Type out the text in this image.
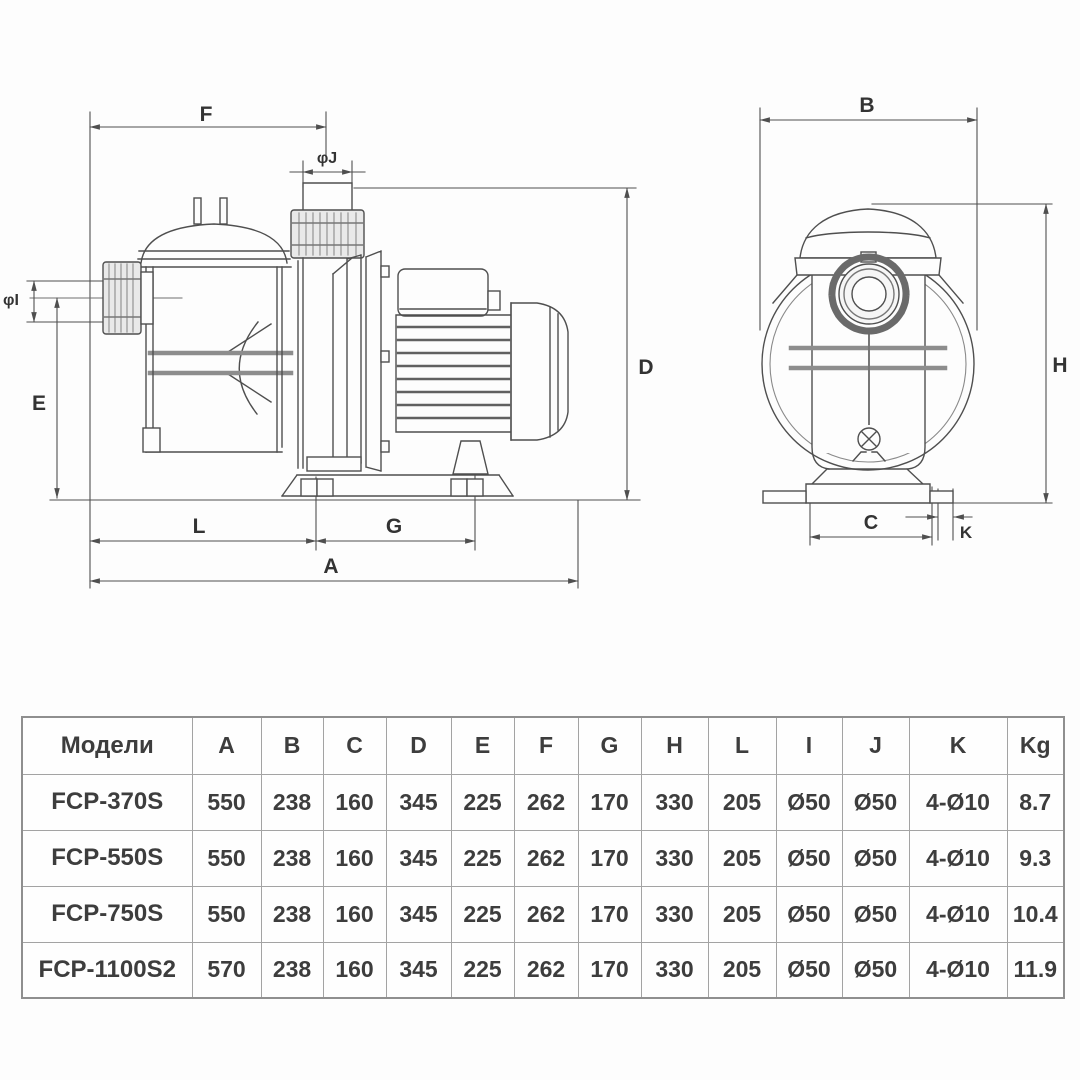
F
φJ
φI
E
D
L	G
A
B
H
C	K
Модели	A	B	C	D	E	F	G	H	L	I	J	K	Kg
FCP-370S	550	238	160	345	225	262	170	330	205	Ø50	Ø50	4-Ø10	8.7
FCP-550S	550	238	160	345	225	262	170	330	205	Ø50	Ø50	4-Ø10	9.3
FCP-750S	550	238	160	345	225	262	170	330	205	Ø50	Ø50	4-Ø10	10.4
FCP-1100S2	570	238	160	345	225	262	170	330	205	Ø50	Ø50	4-Ø10	11.9
